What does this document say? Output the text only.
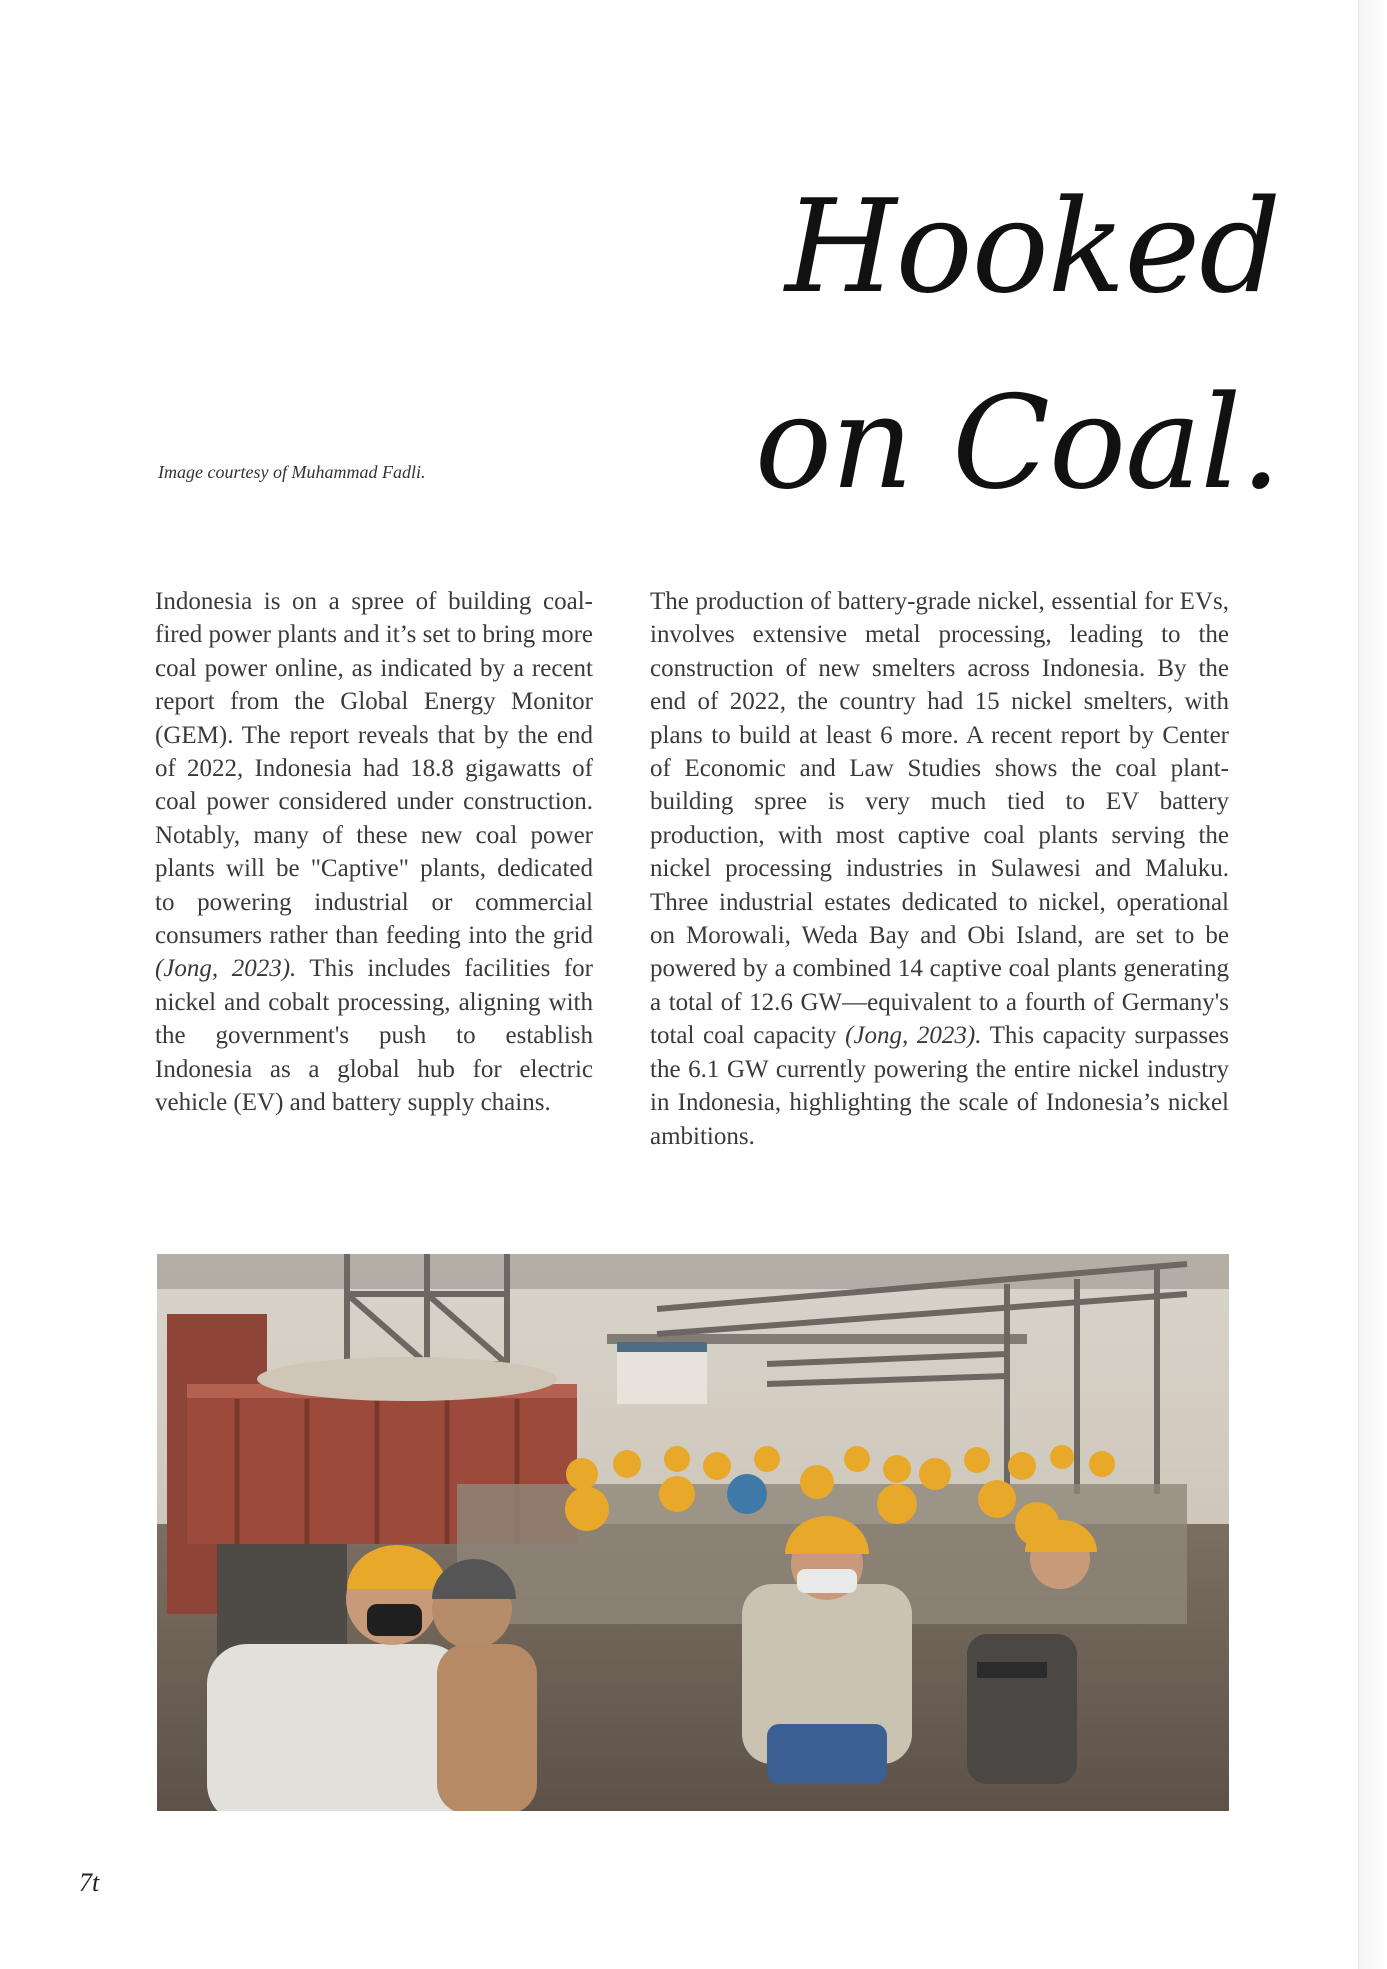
Hooked
on Coal.

Image courtesy of Muhammad Fadli.

Indonesia is on a spree of building coal-fired power plants and it’s set to bring more coal power online, as indicated by a recent report from the Global Energy Monitor (GEM). The report reveals that by the end of 2022, Indonesia had 18.8 gigawatts of coal power considered under construction. Notably, many of these new coal power plants will be "Captive" plants, dedicated to powering industrial or commercial consumers rather than feeding into the grid (Jong, 2023). This includes facilities for nickel and cobalt processing, aligning with the government's push to establish Indonesia as a global hub for electric vehicle (EV) and battery supply chains.

The production of battery-grade nickel, essential for EVs, involves extensive metal processing, leading to the construction of new smelters across Indonesia. By the end of 2022, the country had 15 nickel smelters, with plans to build at least 6 more. A recent report by Center of Economic and Law Studies shows the coal plant-building spree is very much tied to EV battery production, with most captive coal plants serving the nickel processing industries in Sulawesi and Maluku. Three industrial estates dedicated to nickel, operational on Morowali, Weda Bay and Obi Island, are set to be powered by a combined 14 captive coal plants generating a total of 12.6 GW—equivalent to a fourth of Germany's total coal capacity (Jong, 2023). This capacity surpasses the 6.1 GW currently powering the entire nickel industry in Indonesia, highlighting the scale of Indonesia’s nickel ambitions.

7t
